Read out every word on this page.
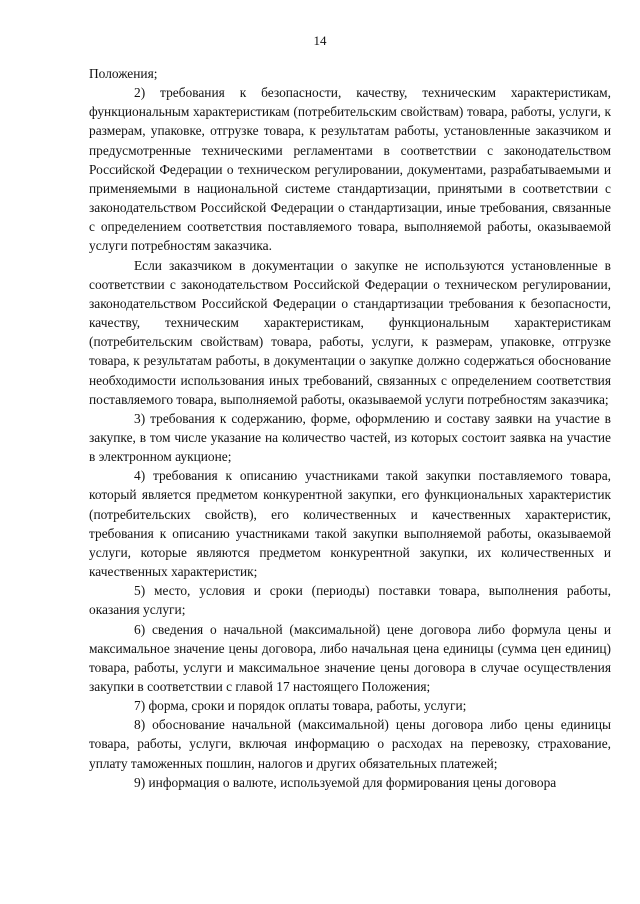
14

Положения;

2) требования к безопасности, качеству, техническим характеристикам, функциональным характеристикам (потребительским свойствам) товара, работы, услуги, к размерам, упаковке, отгрузке товара, к результатам работы, установленные заказчиком и предусмотренные техническими регламентами в соответствии с законодательством Российской Федерации о техническом регулировании, документами, разрабатываемыми и применяемыми в национальной системе стандартизации, принятыми в соответствии с законодательством Российской Федерации о стандартизации, иные требования, связанные с определением соответствия поставляемого товара, выполняемой работы, оказываемой услуги потребностям заказчика.

Если заказчиком в документации о закупке не используются установленные в соответствии с законодательством Российской Федерации о техническом регулировании, законодательством Российской Федерации о стандартизации требования к безопасности, качеству, техническим характеристикам, функциональным характеристикам (потребительским свойствам) товара, работы, услуги, к размерам, упаковке, отгрузке товара, к результатам работы, в документации о закупке должно содержаться обоснование необходимости использования иных требований, связанных с определением соответствия поставляемого товара, выполняемой работы, оказываемой услуги потребностям заказчика;

3) требования к содержанию, форме, оформлению и составу заявки на участие в закупке, в том числе указание на количество частей, из которых состоит заявка на участие в электронном аукционе;

4) требования к описанию участниками такой закупки поставляемого товара, который является предметом конкурентной закупки, его функциональных характеристик (потребительских свойств), его количественных и качественных характеристик, требования к описанию участниками такой закупки выполняемой работы, оказываемой услуги, которые являются предметом конкурентной закупки, их количественных и качественных характеристик;

5) место, условия и сроки (периоды) поставки товара, выполнения работы, оказания услуги;

6) сведения о начальной (максимальной) цене договора либо формула цены и максимальное значение цены договора, либо начальная цена единицы (сумма цен единиц) товара, работы, услуги и максимальное значение цены договора в случае осуществления закупки в соответствии с главой 17 настоящего Положения;

7) форма, сроки и порядок оплаты товара, работы, услуги;

8) обоснование начальной (максимальной) цены договора либо цены единицы товара, работы, услуги, включая информацию о расходах на перевозку, страхование, уплату таможенных пошлин, налогов и других обязательных платежей;

9) информация о валюте, используемой для формирования цены договора
